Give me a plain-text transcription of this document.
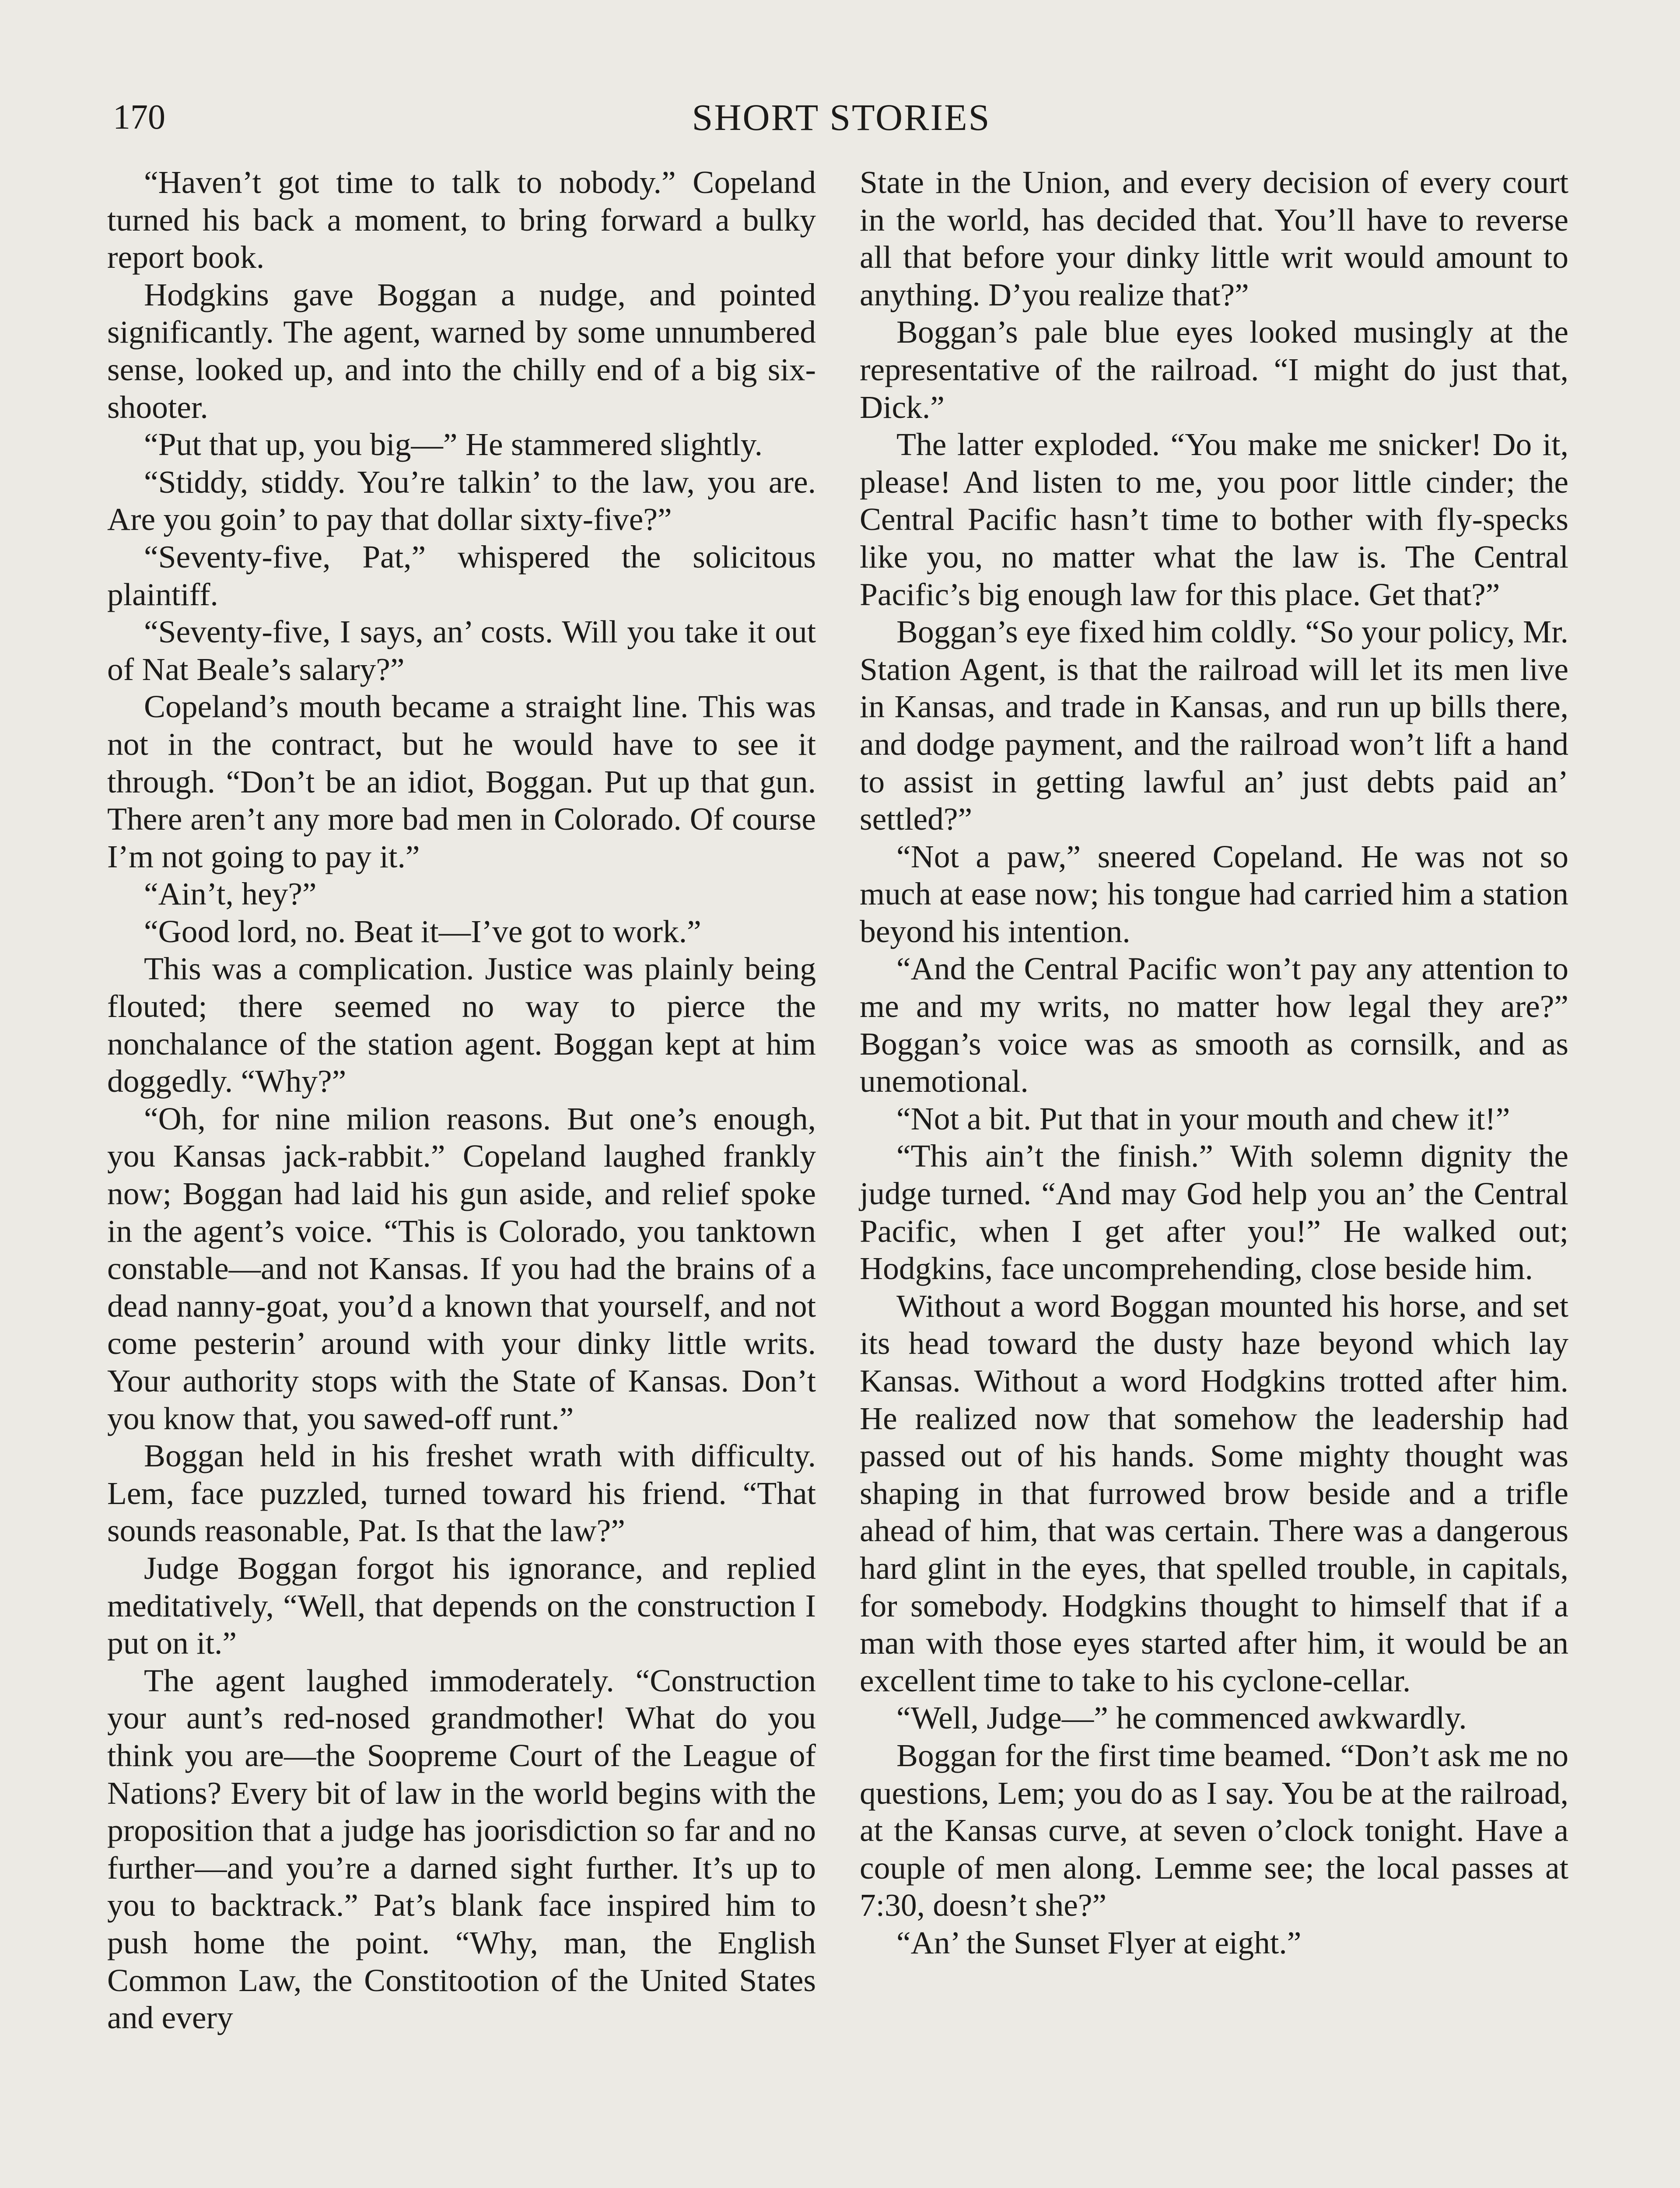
170	SHORT STORIES

“Haven’t got time to talk to nobody.” Copeland turned his back a moment, to bring forward a bulky report book.

Hodgkins gave Boggan a nudge, and pointed significantly. The agent, warned by some unnumbered sense, looked up, and into the chilly end of a big six-shooter.

“Put that up, you big—” He stammered slightly.

“Stiddy, stiddy. You’re talkin’ to the law, you are. Are you goin’ to pay that dollar sixty-five?”

“Seventy-five, Pat,” whispered the solicitous plaintiff.

“Seventy-five, I says, an’ costs. Will you take it out of Nat Beale’s salary?”

Copeland’s mouth became a straight line. This was not in the contract, but he would have to see it through. “Don’t be an idiot, Boggan. Put up that gun. There aren’t any more bad men in Colorado. Of course I’m not going to pay it.”

“Ain’t, hey?”

“Good lord, no. Beat it—I’ve got to work.”

This was a complication. Justice was plainly being flouted; there seemed no way to pierce the nonchalance of the station agent. Boggan kept at him doggedly. “Why?”

“Oh, for nine milion reasons. But one’s enough, you Kansas jack-rabbit.” Copeland laughed frankly now; Boggan had laid his gun aside, and relief spoke in the agent’s voice. “This is Colorado, you tanktown constable—and not Kansas. If you had the brains of a dead nanny-goat, you’d a known that yourself, and not come pesterin’ around with your dinky little writs. Your authority stops with the State of Kansas. Don’t you know that, you sawed-off runt.”

Boggan held in his freshet wrath with difficulty. Lem, face puzzled, turned toward his friend. “That sounds reasonable, Pat. Is that the law?”

Judge Boggan forgot his ignorance, and replied meditatively, “Well, that depends on the construction I put on it.”

The agent laughed immoderately. “Construction your aunt’s red-nosed grandmother! What do you think you are—the Soopreme Court of the League of Nations? Every bit of law in the world begins with the proposition that a judge has joorisdiction so far and no further—and you’re a darned sight further. It’s up to you to backtrack.” Pat’s blank face inspired him to push home the point. “Why, man, the English Common Law, the Constitootion of the United States and every

State in the Union, and every decision of every court in the world, has decided that. You’ll have to reverse all that before your dinky little writ would amount to anything. D’you realize that?”

Boggan’s pale blue eyes looked musingly at the representative of the railroad. “I might do just that, Dick.”

The latter exploded. “You make me snicker! Do it, please! And listen to me, you poor little cinder; the Central Pacific hasn’t time to bother with fly-specks like you, no matter what the law is. The Central Pacific’s big enough law for this place. Get that?”

Boggan’s eye fixed him coldly. “So your policy, Mr. Station Agent, is that the railroad will let its men live in Kansas, and trade in Kansas, and run up bills there, and dodge payment, and the railroad won’t lift a hand to assist in getting lawful an’ just debts paid an’ settled?”

“Not a paw,” sneered Copeland. He was not so much at ease now; his tongue had carried him a station beyond his intention.

“And the Central Pacific won’t pay any attention to me and my writs, no matter how legal they are?” Boggan’s voice was as smooth as cornsilk, and as unemotional.

“Not a bit. Put that in your mouth and chew it!”

“This ain’t the finish.” With solemn dignity the judge turned. “And may God help you an’ the Central Pacific, when I get after you!” He walked out; Hodgkins, face uncomprehending, close beside him.

Without a word Boggan mounted his horse, and set its head toward the dusty haze beyond which lay Kansas. Without a word Hodgkins trotted after him. He realized now that somehow the leadership had passed out of his hands. Some mighty thought was shaping in that furrowed brow beside and a trifle ahead of him, that was certain. There was a dangerous hard glint in the eyes, that spelled trouble, in capitals, for somebody. Hodgkins thought to himself that if a man with those eyes started after him, it would be an excellent time to take to his cyclone-cellar.

“Well, Judge—” he commenced awkwardly.

Boggan for the first time beamed. “Don’t ask me no questions, Lem; you do as I say. You be at the railroad, at the Kansas curve, at seven o’clock tonight. Have a couple of men along. Lemme see; the local passes at 7:30, doesn’t she?”

“An’ the Sunset Flyer at eight.”
